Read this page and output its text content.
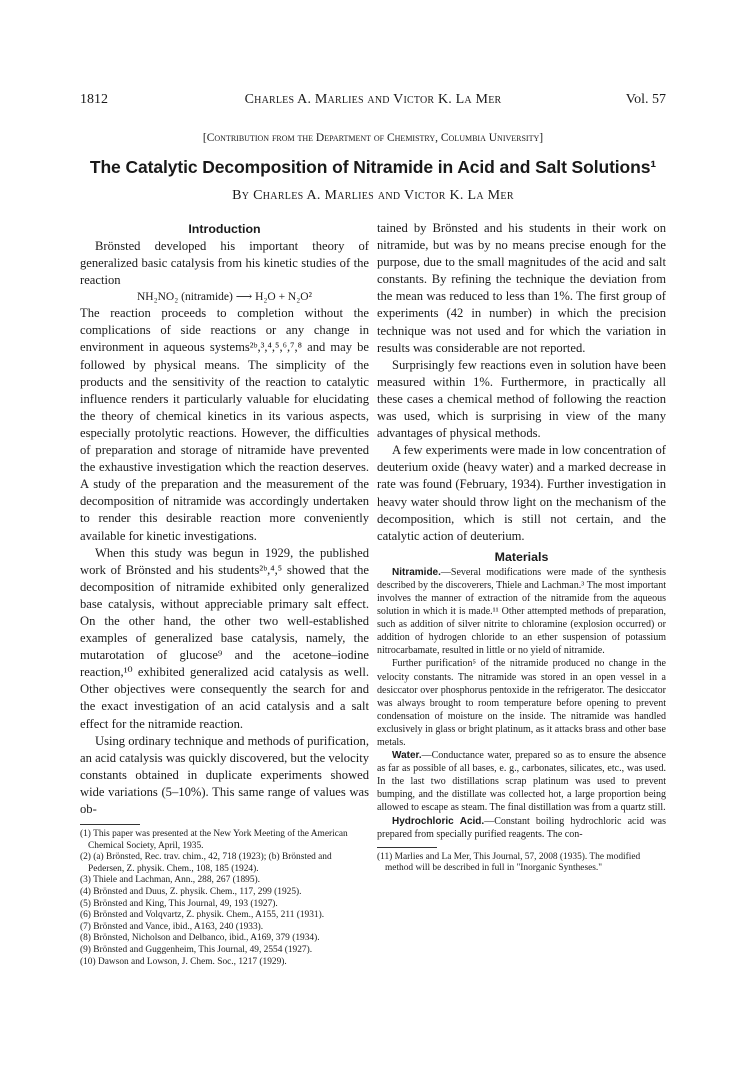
1812	Charles A. Marlies and Victor K. La Mer	Vol. 57
[Contribution from the Department of Chemistry, Columbia University]
The Catalytic Decomposition of Nitramide in Acid and Salt Solutions¹
By Charles A. Marlies and Victor K. La Mer
Introduction

Brönsted developed his important theory of generalized basic catalysis from his kinetic studies of the reaction

NH₂NO₂ (nitramide) ⟶ H₂O + N₂O²

The reaction proceeds to completion without the complications of side reactions or any change in environment in aqueous systems²ᵇ,³,⁴,⁵,⁶,⁷,⁸ and may be followed by physical means. The simplicity of the products and the sensitivity of the reaction to catalytic influence renders it particularly valuable for elucidating the theory of chemical kinetics in its various aspects, especially protolytic reactions. However, the difficulties of preparation and storage of nitramide have prevented the exhaustive investigation which the reaction deserves. A study of the preparation and the measurement of the decomposition of nitramide was accordingly undertaken to render this desirable reaction more conveniently available for kinetic investigations.

When this study was begun in 1929, the published work of Brönsted and his students²ᵇ,⁴,⁵ showed that the decomposition of nitramide exhibited only generalized base catalysis, without appreciable primary salt effect. On the other hand, the other two well-established examples of generalized base catalysis, namely, the mutarotation of glucose⁹ and the acetone–iodine reaction,¹⁰ exhibited generalized acid catalysis as well. Other objectives were consequently the search for and the exact investigation of an acid catalysis and a salt effect for the nitramide reaction.

Using ordinary technique and methods of purification, an acid catalysis was quickly discovered, but the velocity constants obtained in duplicate experiments showed wide variations (5–10%). This same range of values was ob-

(1) This paper was presented at the New York Meeting of the American Chemical Society, April, 1935.

(2) (a) Brönsted, Rec. trav. chim., 42, 718 (1923); (b) Brönsted and Pedersen, Z. physik. Chem., 108, 185 (1924).

(3) Thiele and Lachman, Ann., 288, 267 (1895).

(4) Brönsted and Duus, Z. physik. Chem., 117, 299 (1925).

(5) Brönsted and King, This Journal, 49, 193 (1927).

(6) Brönsted and Volqvartz, Z. physik. Chem., A155, 211 (1931).

(7) Brönsted and Vance, ibid., A163, 240 (1933).

(8) Brönsted, Nicholson and Delbanco, ibid., A169, 379 (1934).

(9) Brönsted and Guggenheim, This Journal, 49, 2554 (1927).

(10) Dawson and Lowson, J. Chem. Soc., 1217 (1929).

tained by Brönsted and his students in their work on nitramide, but was by no means precise enough for the purpose, due to the small magnitudes of the acid and salt constants. By refining the technique the deviation from the mean was reduced to less than 1%. The first group of experiments (42 in number) in which the precision technique was not used and for which the variation in results was considerable are not reported.

Surprisingly few reactions even in solution have been measured within 1%. Furthermore, in practically all these cases a chemical method of following the reaction was used, which is surprising in view of the many advantages of physical methods.

A few experiments were made in low concentration of deuterium oxide (heavy water) and a marked decrease in rate was found (February, 1934). Further investigation in heavy water should throw light on the mechanism of the decomposition, which is still not certain, and the catalytic action of deuterium.

Materials

Nitramide.—Several modifications were made of the synthesis described by the discoverers, Thiele and Lachman.³ The most important involves the manner of extraction of the nitramide from the aqueous solution in which it is made.¹¹ Other attempted methods of preparation, such as addition of silver nitrite to chloramine (explosion occurred) or addition of hydrogen chloride to an ether suspension of potassium nitrocarbamate, resulted in little or no yield of nitramide.

Further purification⁵ of the nitramide produced no change in the velocity constants. The nitramide was stored in an open vessel in a desiccator over phosphorus pentoxide in the refrigerator. The desiccator was always brought to room temperature before opening to prevent condensation of moisture on the inside. The nitramide was handled exclusively in glass or bright platinum, as it attacks brass and other base metals.

Water.—Conductance water, prepared so as to ensure the absence as far as possible of all bases, e. g., carbonates, silicates, etc., was used. In the last two distillations scrap platinum was used to prevent bumping, and the distillate was collected hot, a large proportion being allowed to escape as steam. The final distillation was from a quartz still.

Hydrochloric Acid.—Constant boiling hydrochloric acid was prepared from specially purified reagents. The con-

(11) Marlies and La Mer, This Journal, 57, 2008 (1935). The modified method will be described in full in "Inorganic Syntheses."
